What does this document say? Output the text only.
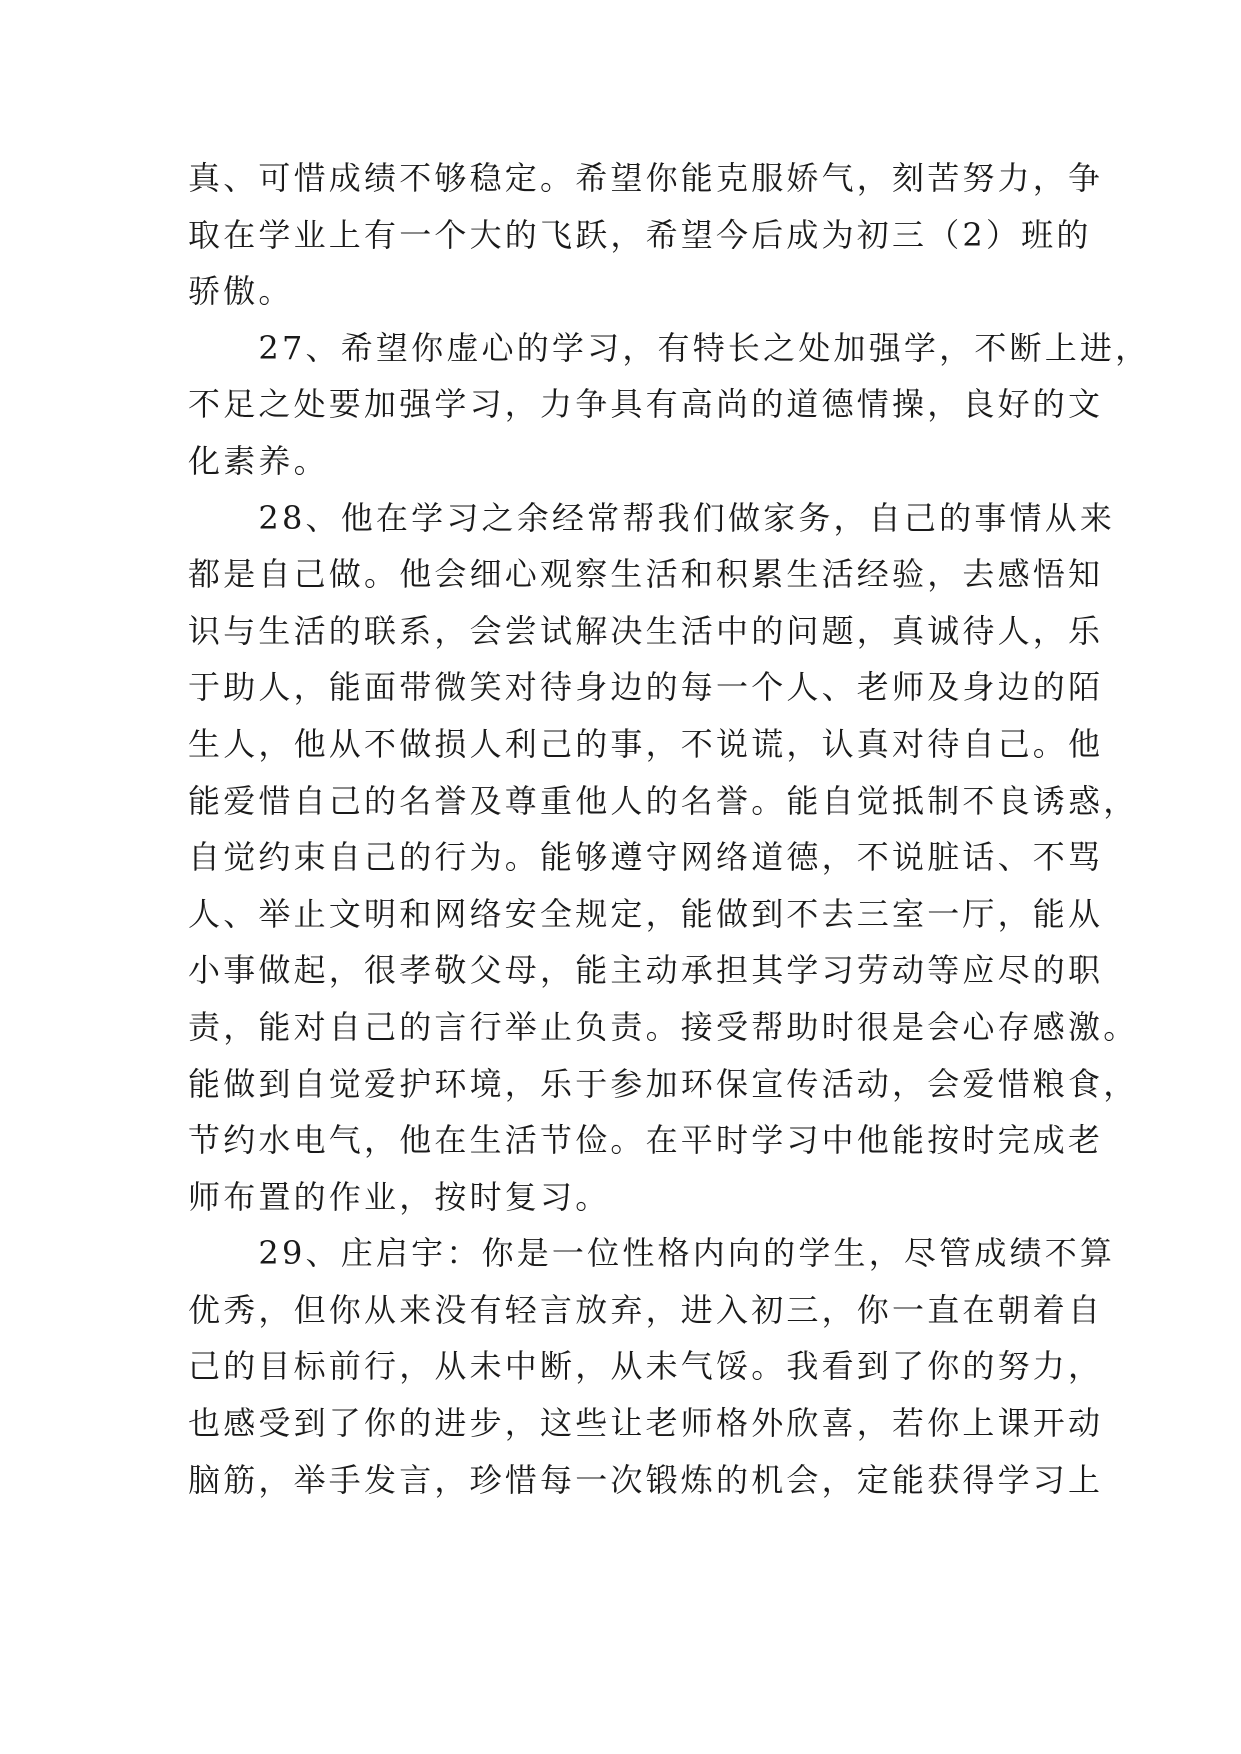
真、可惜成绩不够稳定。希望你能克服娇气，刻苦努力，争
取在学业上有一个大的飞跃，希望今后成为初三（2）班的
骄傲。
　　27、希望你虚心的学习，有特长之处加强学，不断上进，
不足之处要加强学习，力争具有高尚的道德情操，良好的文
化素养。
　　28、他在学习之余经常帮我们做家务，自己的事情从来
都是自己做。他会细心观察生活和积累生活经验，去感悟知
识与生活的联系，会尝试解决生活中的问题，真诚待人，乐
于助人，能面带微笑对待身边的每一个人、老师及身边的陌
生人，他从不做损人利己的事，不说谎，认真对待自己。他
能爱惜自己的名誉及尊重他人的名誉。能自觉抵制不良诱惑，
自觉约束自己的行为。能够遵守网络道德，不说脏话、不骂
人、举止文明和网络安全规定，能做到不去三室一厅，能从
小事做起，很孝敬父母，能主动承担其学习劳动等应尽的职
责，能对自己的言行举止负责。接受帮助时很是会心存感激。
能做到自觉爱护环境，乐于参加环保宣传活动，会爱惜粮食，
节约水电气，他在生活节俭。在平时学习中他能按时完成老
师布置的作业，按时复习。
　　29、庄启宇：你是一位性格内向的学生，尽管成绩不算
优秀，但你从来没有轻言放弃，进入初三，你一直在朝着自
己的目标前行，从未中断，从未气馁。我看到了你的努力，
也感受到了你的进步，这些让老师格外欣喜，若你上课开动
脑筋，举手发言，珍惜每一次锻炼的机会，定能获得学习上
